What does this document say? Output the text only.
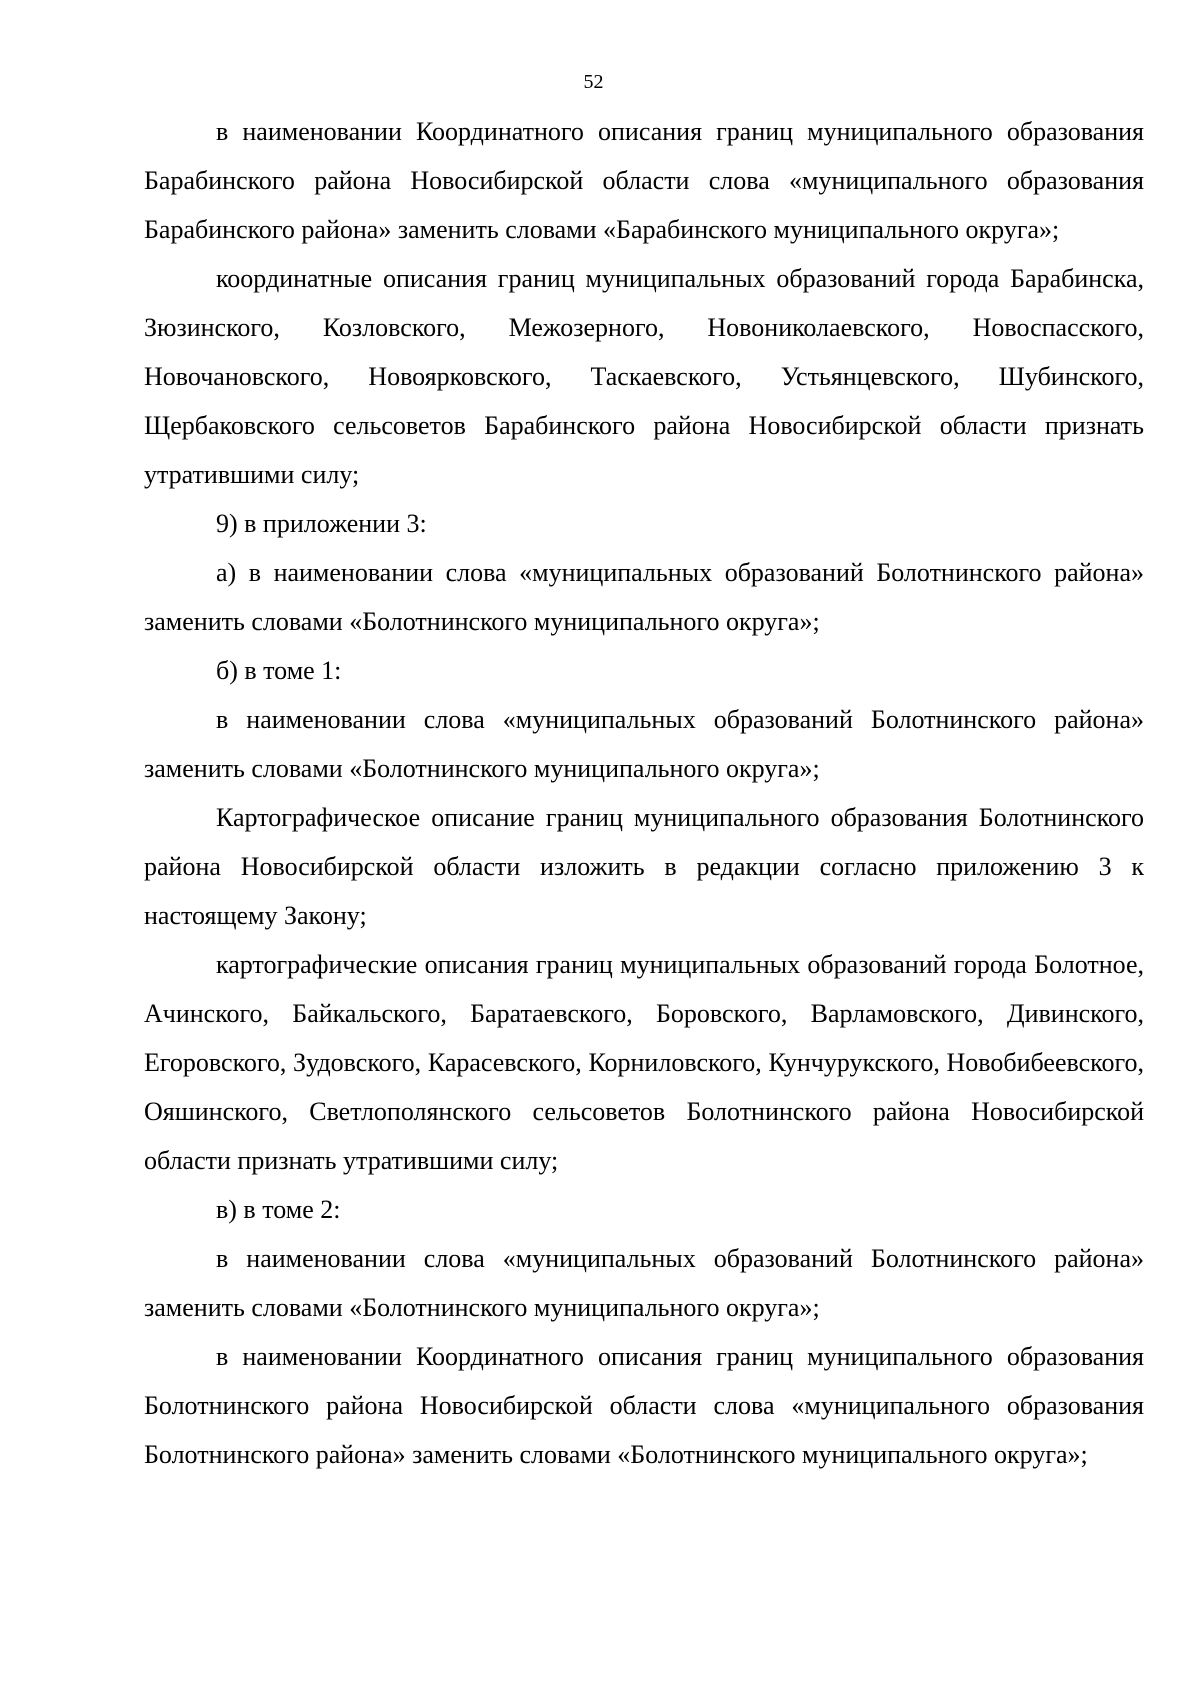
52

в наименовании Координатного описания границ муниципального образования Барабинского района Новосибирской области слова «муниципального образования Барабинского района» заменить словами «Барабинского муниципального округа»;

координатные описания границ муниципальных образований города Барабинска, Зюзинского, Козловского, Межозерного, Новониколаевского, Новоспасского, Новочановского, Новоярковского, Таскаевского, Устьянцевского, Шубинского, Щербаковского сельсоветов Барабинского района Новосибирской области признать утратившими силу;

9) в приложении 3:

а) в наименовании слова «муниципальных образований Болотнинского района» заменить словами «Болотнинского муниципального округа»;

б) в томе 1:

в наименовании слова «муниципальных образований Болотнинского района» заменить словами «Болотнинского муниципального округа»;

Картографическое описание границ муниципального образования Болотнинского района Новосибирской области изложить в редакции согласно приложению 3 к настоящему Закону;

картографические описания границ муниципальных образований города Болотное, Ачинского, Байкальского, Баратаевского, Боровского, Варламовского, Дивинского, Егоровского, Зудовского, Карасевского, Корниловского, Кунчурукского, Новобибеевского, Ояшинского, Светлополянского сельсоветов Болотнинского района Новосибирской области признать утратившими силу;

в) в томе 2:

в наименовании слова «муниципальных образований Болотнинского района» заменить словами «Болотнинского муниципального округа»;

в наименовании Координатного описания границ муниципального образования Болотнинского района Новосибирской области слова «муниципального образования Болотнинского района» заменить словами «Болотнинского муниципального округа»;
